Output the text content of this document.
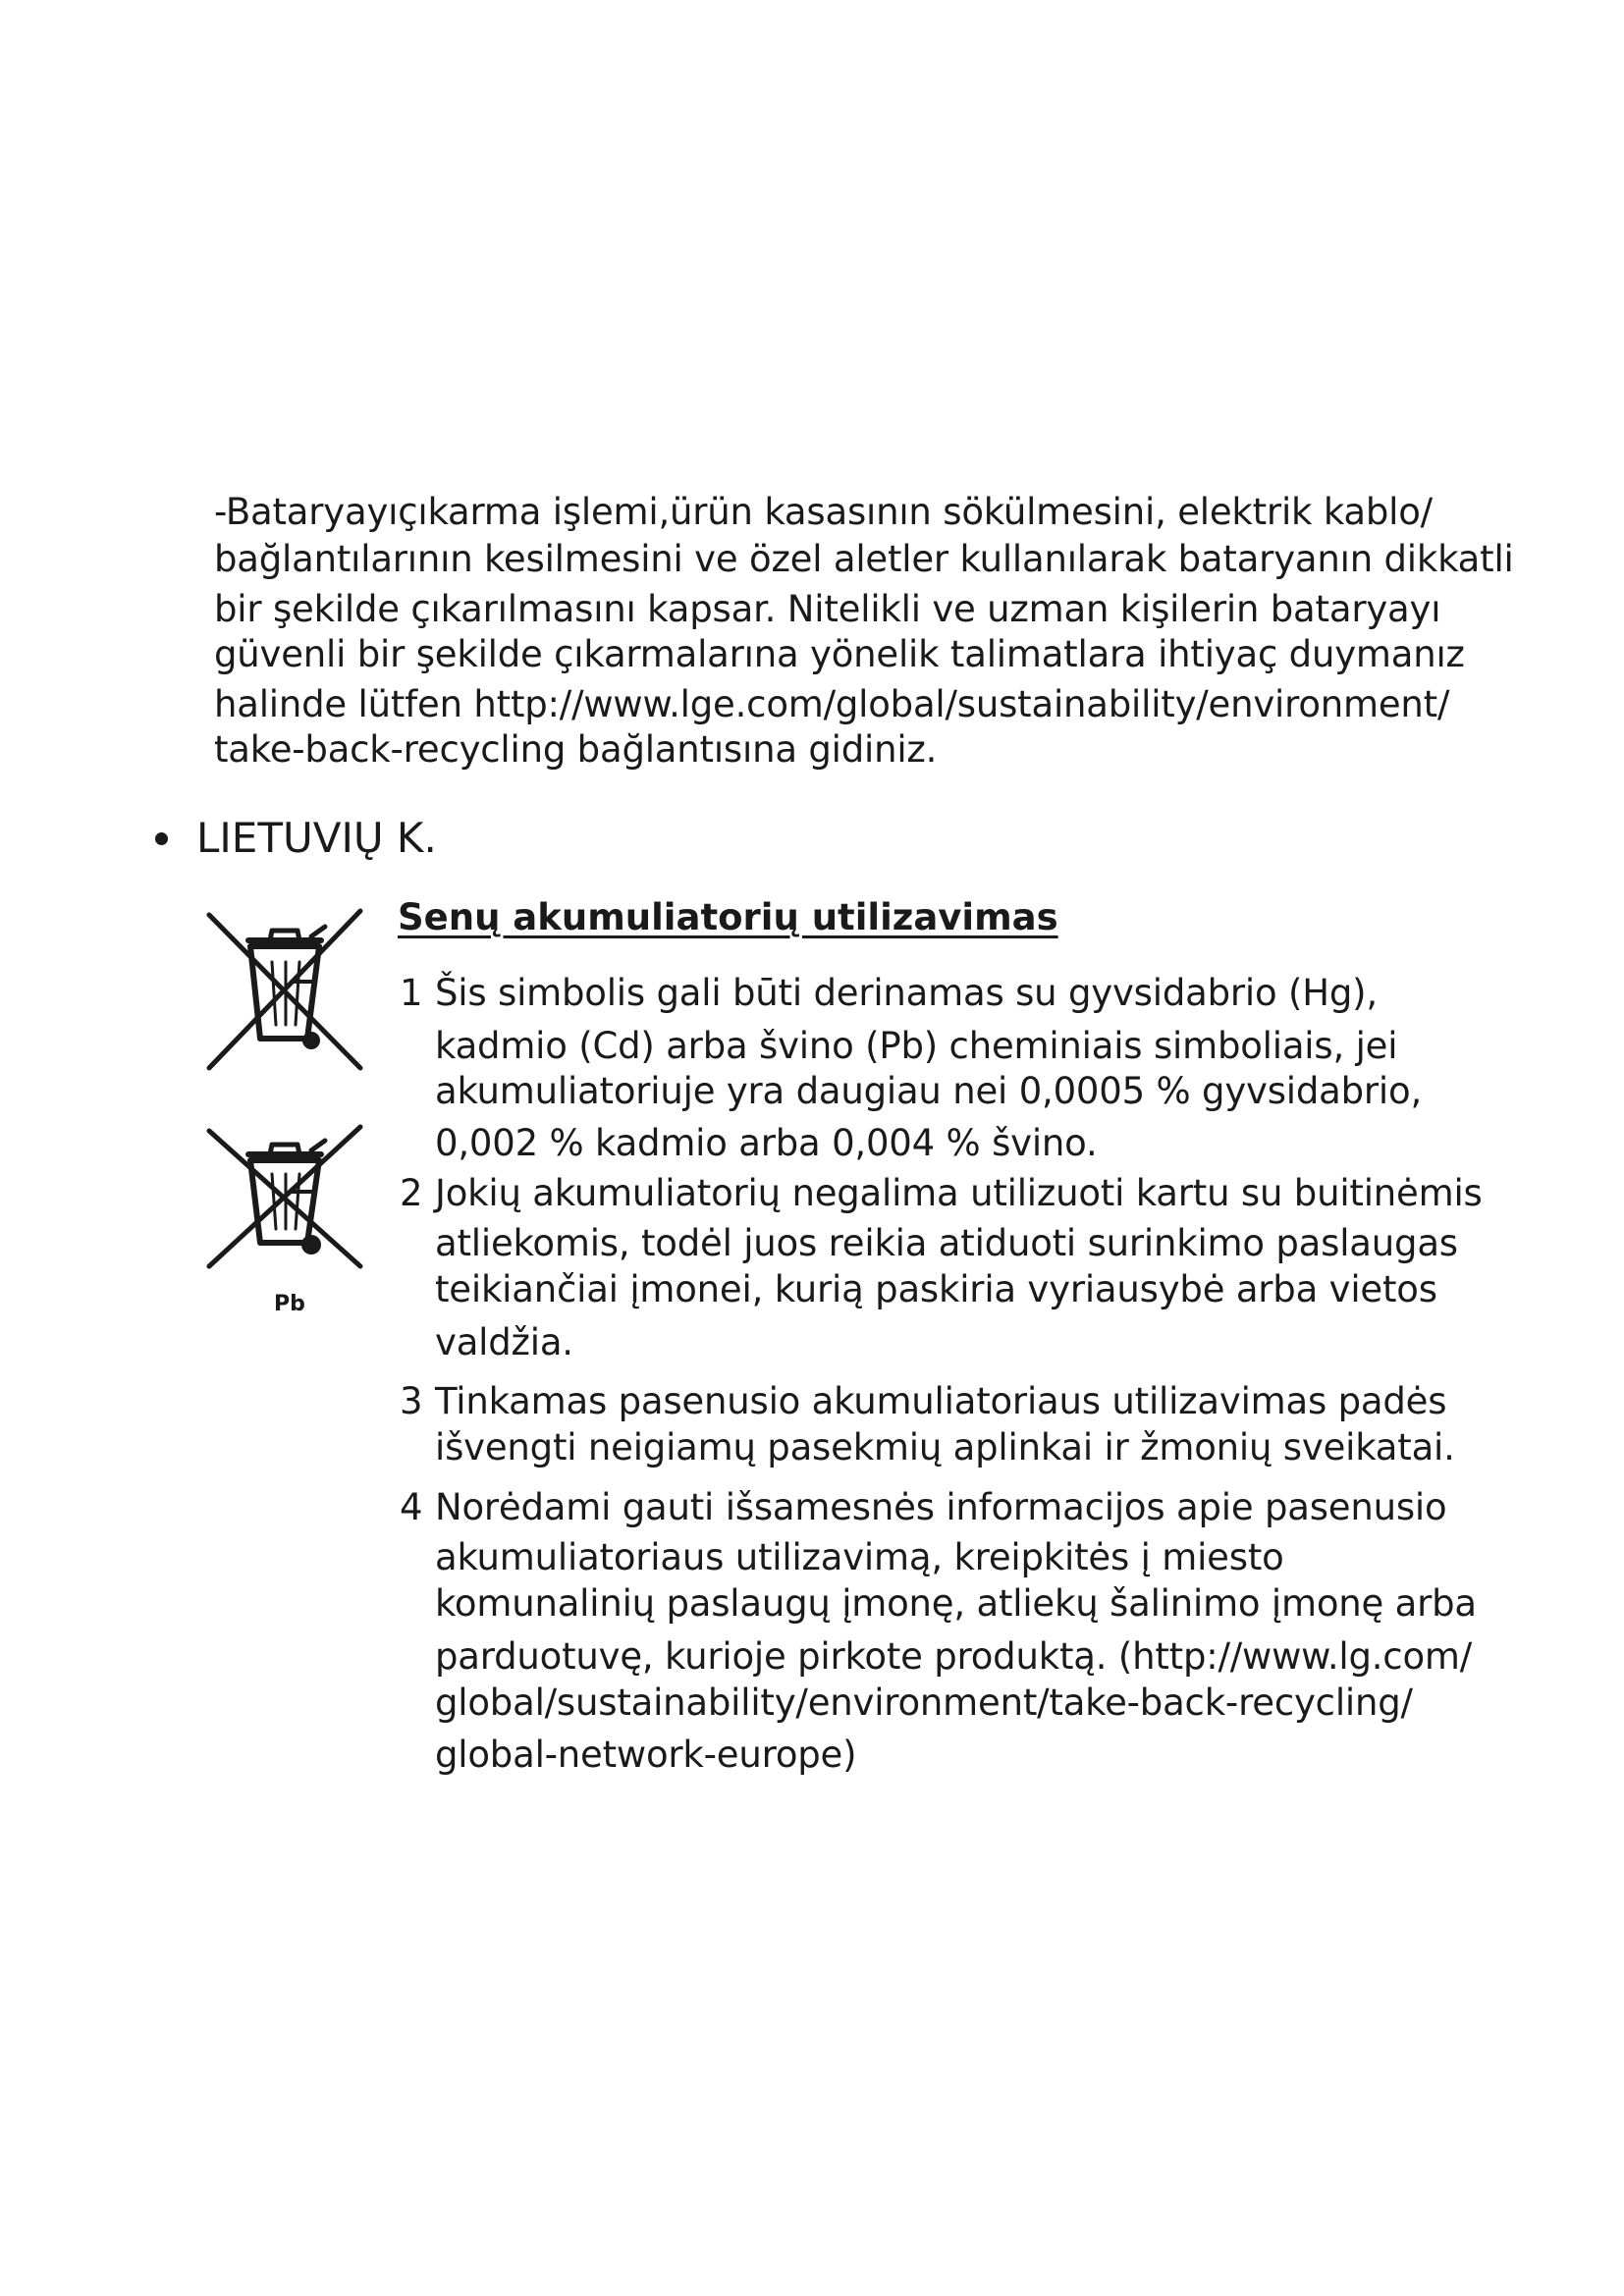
-Bataryayıçıkarma işlemi,ürün kasasının sökülmesini, elektrik kablo/
bağlantılarının kesilmesini ve özel aletler kullanılarak bataryanın dikkatli
bir şekilde çıkarılmasını kapsar. Nitelikli ve uzman kişilerin bataryayı
güvenli bir şekilde çıkarmalarına yönelik talimatlara ihtiyaç duymanız
halinde lütfen http://www.lge.com/global/sustainability/environment/
take-back-recycling bağlantısına gidiniz.
LIETUVIŲ K.
Senų akumuliatorių utilizavimas
Pb
1 Šis simbolis gali būti derinamas su gyvsidabrio (Hg),
kadmio (Cd) arba švino (Pb) cheminiais simboliais, jei
akumuliatoriuje yra daugiau nei 0,0005 % gyvsidabrio,
0,002 % kadmio arba 0,004 % švino.
2 Jokių akumuliatorių negalima utilizuoti kartu su buitinėmis
atliekomis, todėl juos reikia atiduoti surinkimo paslaugas
teikiančiai įmonei, kurią paskiria vyriausybė arba vietos
valdžia.
3 Tinkamas pasenusio akumuliatoriaus utilizavimas padės
išvengti neigiamų pasekmių aplinkai ir žmonių sveikatai.
4 Norėdami gauti išsamesnės informacijos apie pasenusio
akumuliatoriaus utilizavimą, kreipkitės į miesto
komunalinių paslaugų įmonę, atliekų šalinimo įmonę arba
parduotuvę, kurioje pirkote produktą. (http://www.lg.com/
global/sustainability/environment/take-back-recycling/
global-network-europe)
